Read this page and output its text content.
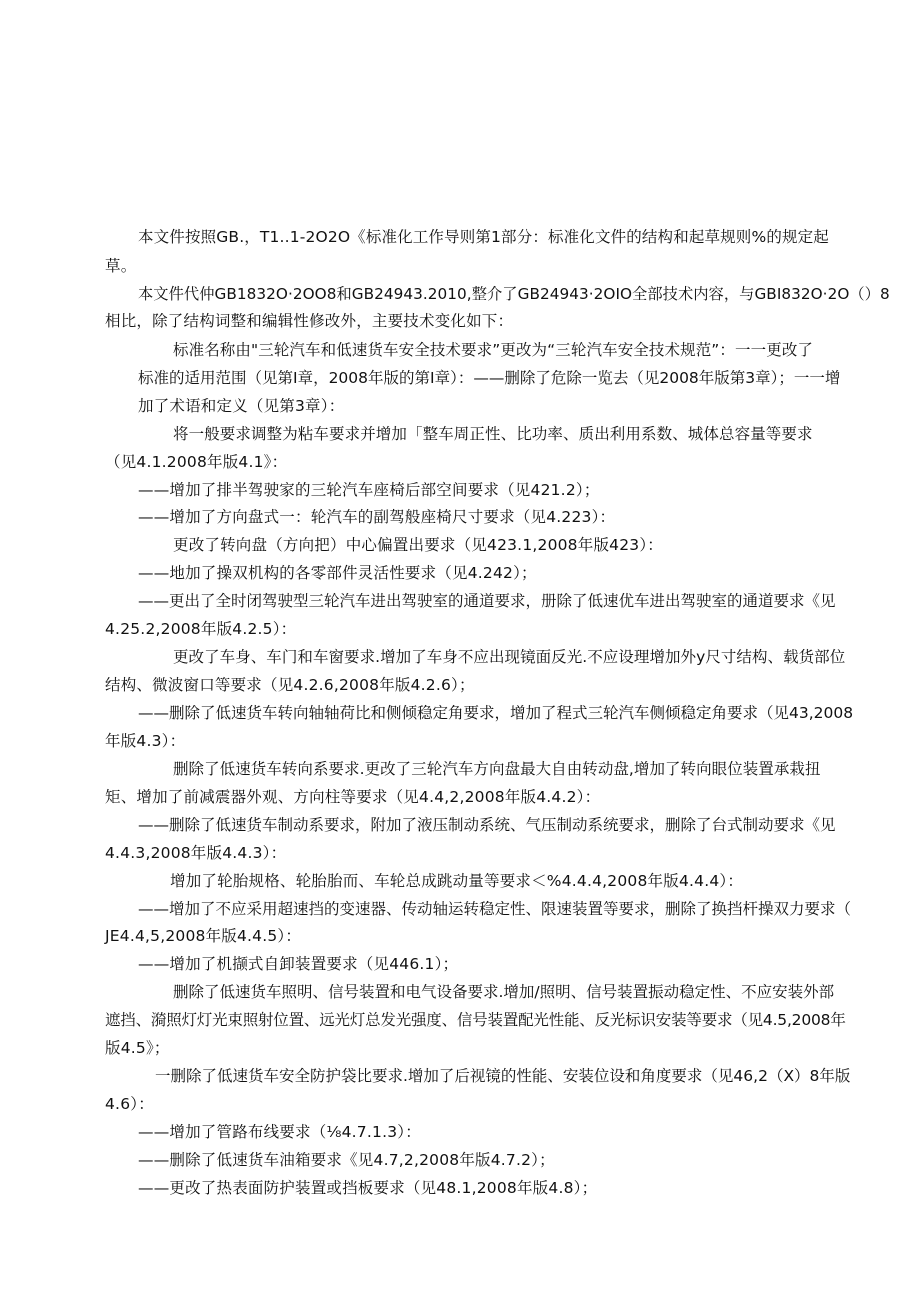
本文件按照GB.，T1..1-2O2O《标准化工作导则第1部分：标准化文件的结构和起草规则%的规定起
草。
本文件代仲GB1832O·2OO8和GB24943.2010,整介了GB24943·2OIO全部技术内容，与GBI832O·2O（）8
相比，除了结构词整和编辑性修改外，主要技术变化如下：
标准名称由"三轮汽车和低速货车安全技术要求”更改为“三轮汽车安全技术规范”：一一更改了
标准的适用范围（见第I章，2008年版的第I章）：——删除了危除一览去（见2008年版第3章）；一一增
加了术语和定义（见第3章）：
将一般要求调整为粘车要求并增加「整车周正性、比功率、质出利用系数、城体总容量等要求
（见4.1.2008年版4.1》：
——增加了排半驾驶家的三轮汽车座椅后部空间要求（见421.2）；
——增加了方向盘式一：轮汽车的副驾般座椅尺寸要求（见4.223）：
更改了转向盘（方向把）中心偏置出要求（见423.1,2008年版423）：
——地加了操双机构的各零部件灵活性要求（见4.242）；
——更出了全时闭驾驶型三轮汽车进出驾驶室的通道要求，册除了低速优车进出驾驶室的通道要求《见
4.25.2,2008年版4.2.5）：
更改了车身、车门和车窗要求.增加了车身不应出现镜面反光.不应设理增加外y尺寸结构、载货部位
结构、微波窗口等要求（见4.2.6,2008年版4.2.6）；
——删除了低速货车转向轴轴荷比和侧倾稳定角要求，增加了程式三轮汽车侧倾稳定角要求（见43,2008
年版4.3）：
删除了低速货车转向系要求.更改了三轮汽车方向盘最大自由转动盘,增加了转向眼位装置承栽扭
矩、增加了前减震器外观、方向柱等要求（见4.4,2,2008年版4.4.2）：
——删除了低速货车制动系要求，附加了液压制动系统、气压制动系统要求，删除了台式制动要求《见
4.4.3,2008年版4.4.3）：
增加了轮胎规格、轮胎胎而、车轮总成跳动量等要求＜%4.4.4,2008年版4.4.4）：
——增加了不应采用超速挡的变速器、传动轴运转稳定性、限速装置等要求，删除了换挡杆操双力要求（
JE4.4,5,2008年版4.4.5）：
——增加了机撷式自卸装置要求（见446.1）；
删除了低速货车照明、信号装置和电气设备要求.增加/照明、信号装置振动稳定性、不应安装外部
遮挡、漪照灯灯光束照射位置、远光灯总发光强度、信号装置配光性能、反光标识安装等要求（见4.5,2008年
版4.5》；
一删除了低速货车安全防护袋比要求.增加了后视镜的性能、安装位设和角度要求（见46,2（X）8年版
4.6）：
——增加了管路布线要求（⅛4.7.1.3）：
——删除了低速货车油箱要求《见4.7,2,2008年版4.7.2）；
——更改了热表面防护装置或挡板要求（见48.1,2008年版4.8）；
